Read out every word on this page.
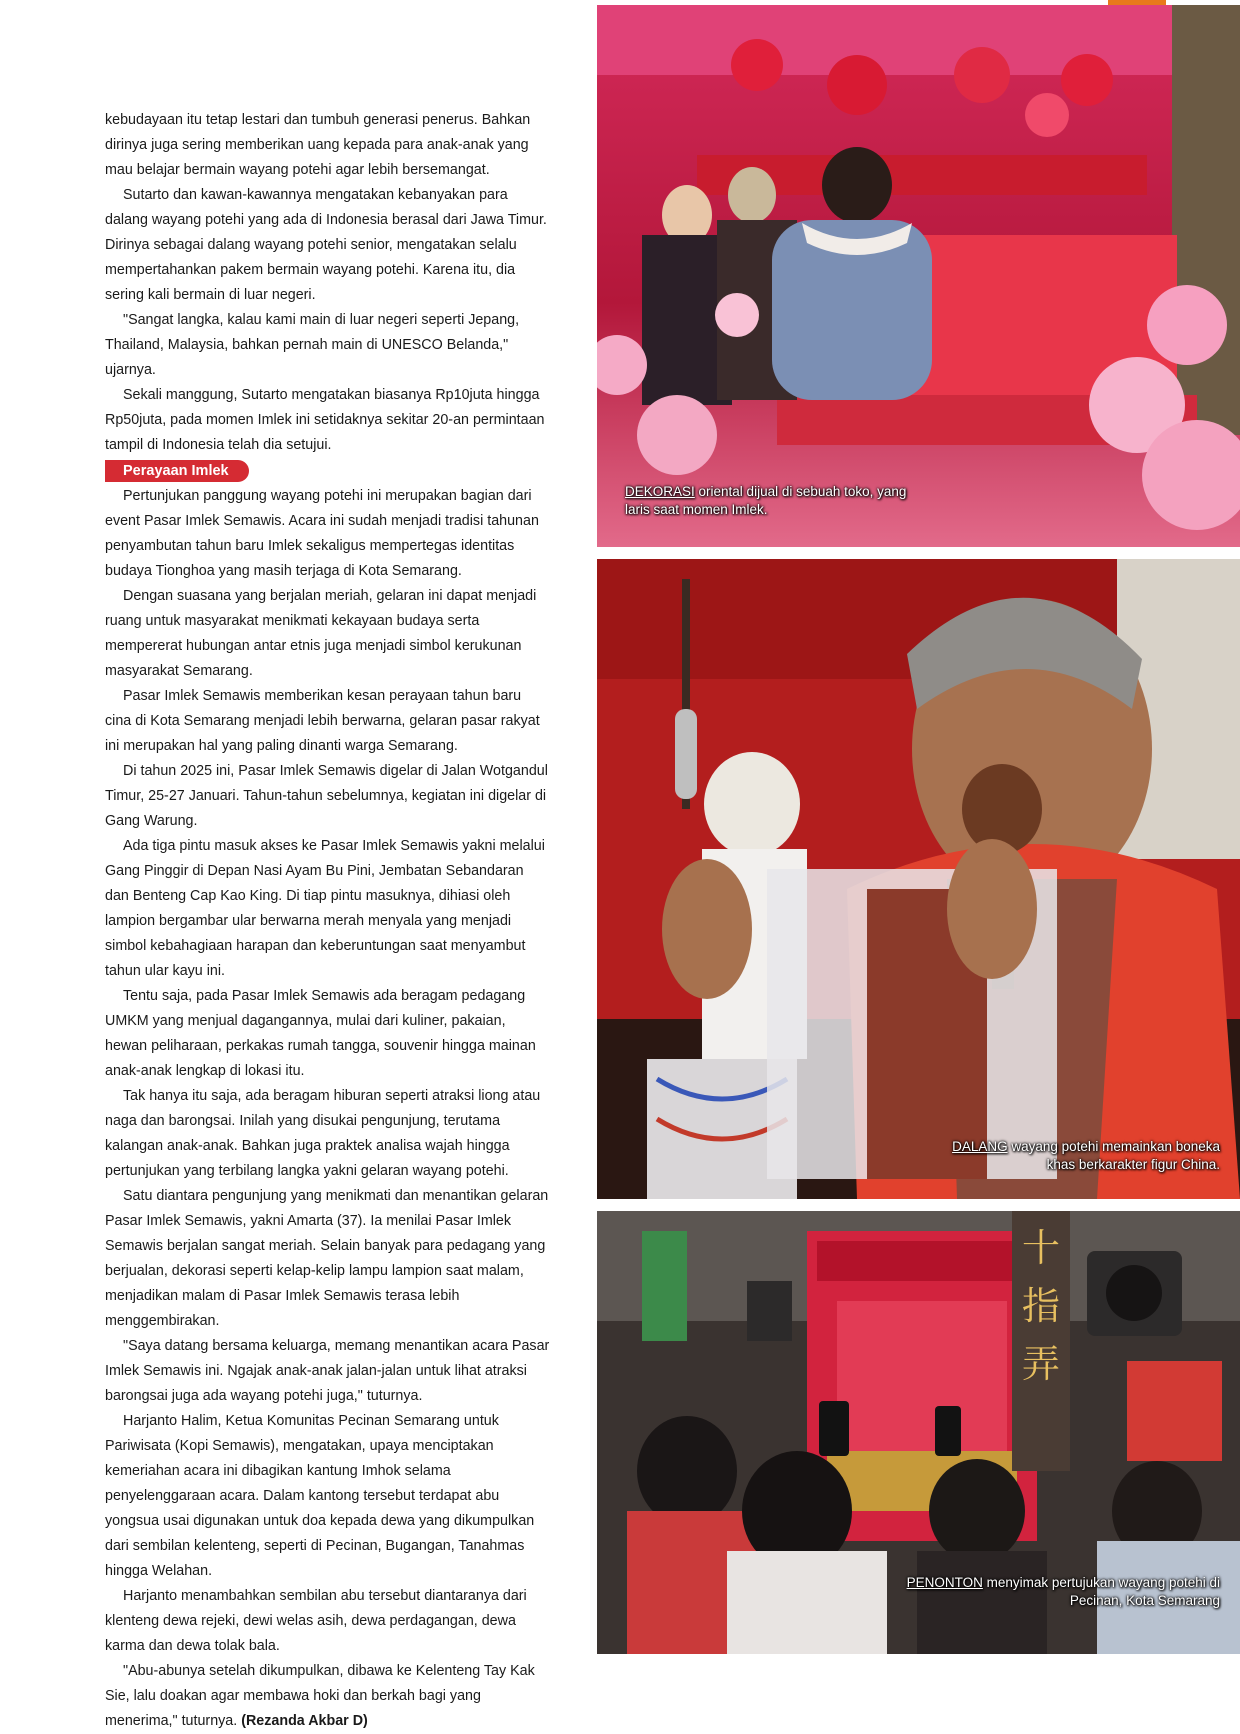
kebudayaan itu tetap lestari dan tumbuh generasi penerus. Bahkan dirinya juga sering memberikan uang kepada para anak-anak yang mau belajar bermain wayang potehi agar lebih bersemangat.

Sutarto dan kawan-kawannya mengatakan kebanyakan para dalang wayang potehi yang ada di Indonesia berasal dari Jawa Timur. Dirinya sebagai dalang wayang potehi senior, mengatakan selalu mempertahankan pakem bermain wayang potehi. Karena itu, dia sering kali bermain di luar negeri.

"Sangat langka, kalau kami main di luar negeri seperti Jepang, Thailand, Malaysia, bahkan pernah main di UNESCO Belanda," ujarnya.

Sekali manggung, Sutarto mengatakan biasanya Rp10juta hingga Rp50juta, pada momen Imlek ini setidaknya sekitar 20-an permintaan tampil di Indonesia telah dia setujui.

Perayaan Imlek

Pertunjukan panggung wayang potehi ini merupakan bagian dari event Pasar Imlek Semawis. Acara ini sudah menjadi tradisi tahunan penyambutan tahun baru Imlek sekaligus mempertegas identitas budaya Tionghoa yang masih terjaga di Kota Semarang.

Dengan suasana yang berjalan meriah, gelaran ini dapat menjadi ruang untuk masyarakat menikmati kekayaan budaya serta mempererat hubungan antar etnis juga menjadi simbol kerukunan masyarakat Semarang.

Pasar Imlek Semawis memberikan kesan perayaan tahun baru cina di Kota Semarang menjadi lebih berwarna, gelaran pasar rakyat ini merupakan hal yang paling dinanti warga Semarang.

Di tahun 2025 ini, Pasar Imlek Semawis digelar di Jalan Wotgandul Timur, 25-27 Januari. Tahun-tahun sebelumnya, kegiatan ini digelar di Gang Warung.

Ada tiga pintu masuk akses ke Pasar Imlek Semawis yakni melalui Gang Pinggir di Depan Nasi Ayam Bu Pini, Jembatan Sebandaran dan Benteng Cap Kao King. Di tiap pintu masuknya, dihiasi oleh lampion bergambar ular berwarna merah menyala yang menjadi simbol kebahagiaan harapan dan keberuntungan saat menyambut tahun ular kayu ini.

Tentu saja, pada Pasar Imlek Semawis ada beragam pedagang UMKM yang menjual dagangannya, mulai dari kuliner, pakaian, hewan peliharaan, perkakas rumah tangga, souvenir hingga mainan anak-anak lengkap di lokasi itu.

Tak hanya itu saja, ada beragam hiburan seperti atraksi liong atau naga dan barongsai. Inilah yang disukai pengunjung, terutama kalangan anak-anak. Bahkan juga praktek analisa wajah hingga pertunjukan yang terbilang langka yakni gelaran wayang potehi.

Satu diantara pengunjung yang menikmati dan menantikan gelaran Pasar Imlek Semawis, yakni Amarta (37). Ia menilai Pasar Imlek Semawis berjalan sangat meriah. Selain banyak para pedagang yang berjualan, dekorasi seperti kelap-kelip lampu lampion saat malam, menjadikan malam di Pasar Imlek Semawis terasa lebih menggembirakan.

"Saya datang bersama keluarga, memang menantikan acara Pasar Imlek Semawis ini. Ngajak anak-anak jalan-jalan untuk lihat atraksi barongsai juga ada wayang potehi juga," tuturnya.

Harjanto Halim, Ketua Komunitas Pecinan Semarang untuk Pariwisata (Kopi Semawis), mengatakan, upaya menciptakan kemeriahan acara ini dibagikan kantung Imhok selama penyelenggaraan acara. Dalam kantong tersebut terdapat abu yongsua usai digunakan untuk doa kepada dewa yang dikumpulkan dari sembilan kelenteng, seperti di Pecinan, Bugangan, Tanahmas hingga Welahan.

Harjanto menambahkan sembilan abu tersebut diantaranya dari klenteng dewa rejeki, dewi welas asih, dewa perdagangan, dewa karma dan dewa tolak bala.

"Abu-abunya setelah dikumpulkan, dibawa ke Kelenteng Tay Kak Sie, lalu doakan agar membawa hoki dan berkah bagi yang menerima," tuturnya. (Rezanda Akbar D)

DEKORASI oriental dijual di sebuah toko, yang laris saat momen Imlek.
DALANG wayang potehi memainkan boneka khas berkarakter figur China.
十
指
弄
PENONTON menyimak pertujukan wayang potehi di Pecinan, Kota Semarang
